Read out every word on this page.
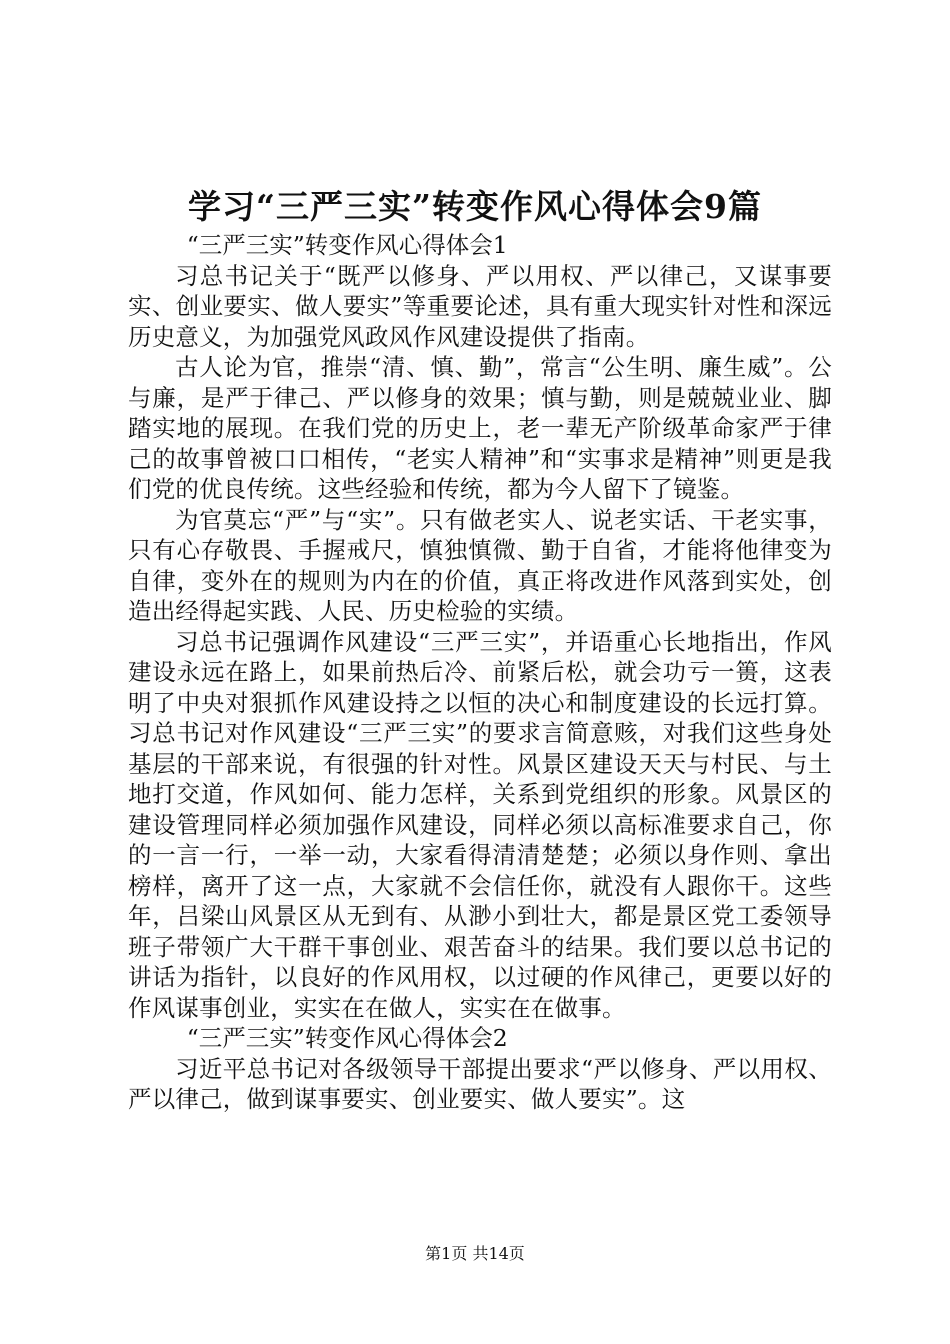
学习“三严三实”转变作风心得体会9篇

“三严三实”转变作风心得体会1

习总书记关于“既严以修身、严以用权、严以律己，又谋事要实、创业要实、做人要实”等重要论述，具有重大现实针对性和深远历史意义，为加强党风政风作风建设提供了指南。

古人论为官，推崇“清、慎、勤”，常言“公生明、廉生威”。公与廉，是严于律己、严以修身的效果；慎与勤，则是兢兢业业、脚踏实地的展现。在我们党的历史上，老一辈无产阶级革命家严于律己的故事曾被口口相传，“老实人精神”和“实事求是精神”则更是我们党的优良传统。这些经验和传统，都为今人留下了镜鉴。

为官莫忘“严”与“实”。只有做老实人、说老实话、干老实事，只有心存敬畏、手握戒尺，慎独慎微、勤于自省，才能将他律变为自律，变外在的规则为内在的价值，真正将改进作风落到实处，创造出经得起实践、人民、历史检验的实绩。

习总书记强调作风建设“三严三实”，并语重心长地指出，作风建设永远在路上，如果前热后冷、前紧后松，就会功亏一篑，这表明了中央对狠抓作风建设持之以恒的决心和制度建设的长远打算。习总书记对作风建设“三严三实”的要求言简意赅，对我们这些身处基层的干部来说，有很强的针对性。风景区建设天天与村民、与土地打交道，作风如何、能力怎样，关系到党组织的形象。风景区的建设管理同样必须加强作风建设，同样必须以高标准要求自己，你的一言一行，一举一动，大家看得清清楚楚；必须以身作则、拿出榜样，离开了这一点，大家就不会信任你，就没有人跟你干。这些年，吕梁山风景区从无到有、从渺小到壮大，都是景区党工委领导班子带领广大干群干事创业、艰苦奋斗的结果。我们要以总书记的讲话为指针，以良好的作风用权，以过硬的作风律己，更要以好的作风谋事创业，实实在在做人，实实在在做事。

“三严三实”转变作风心得体会2

习近平总书记对各级领导干部提出要求“严以修身、严以用权、严以律己，做到谋事要实、创业要实、做人要实”。这

第1页 共14页
